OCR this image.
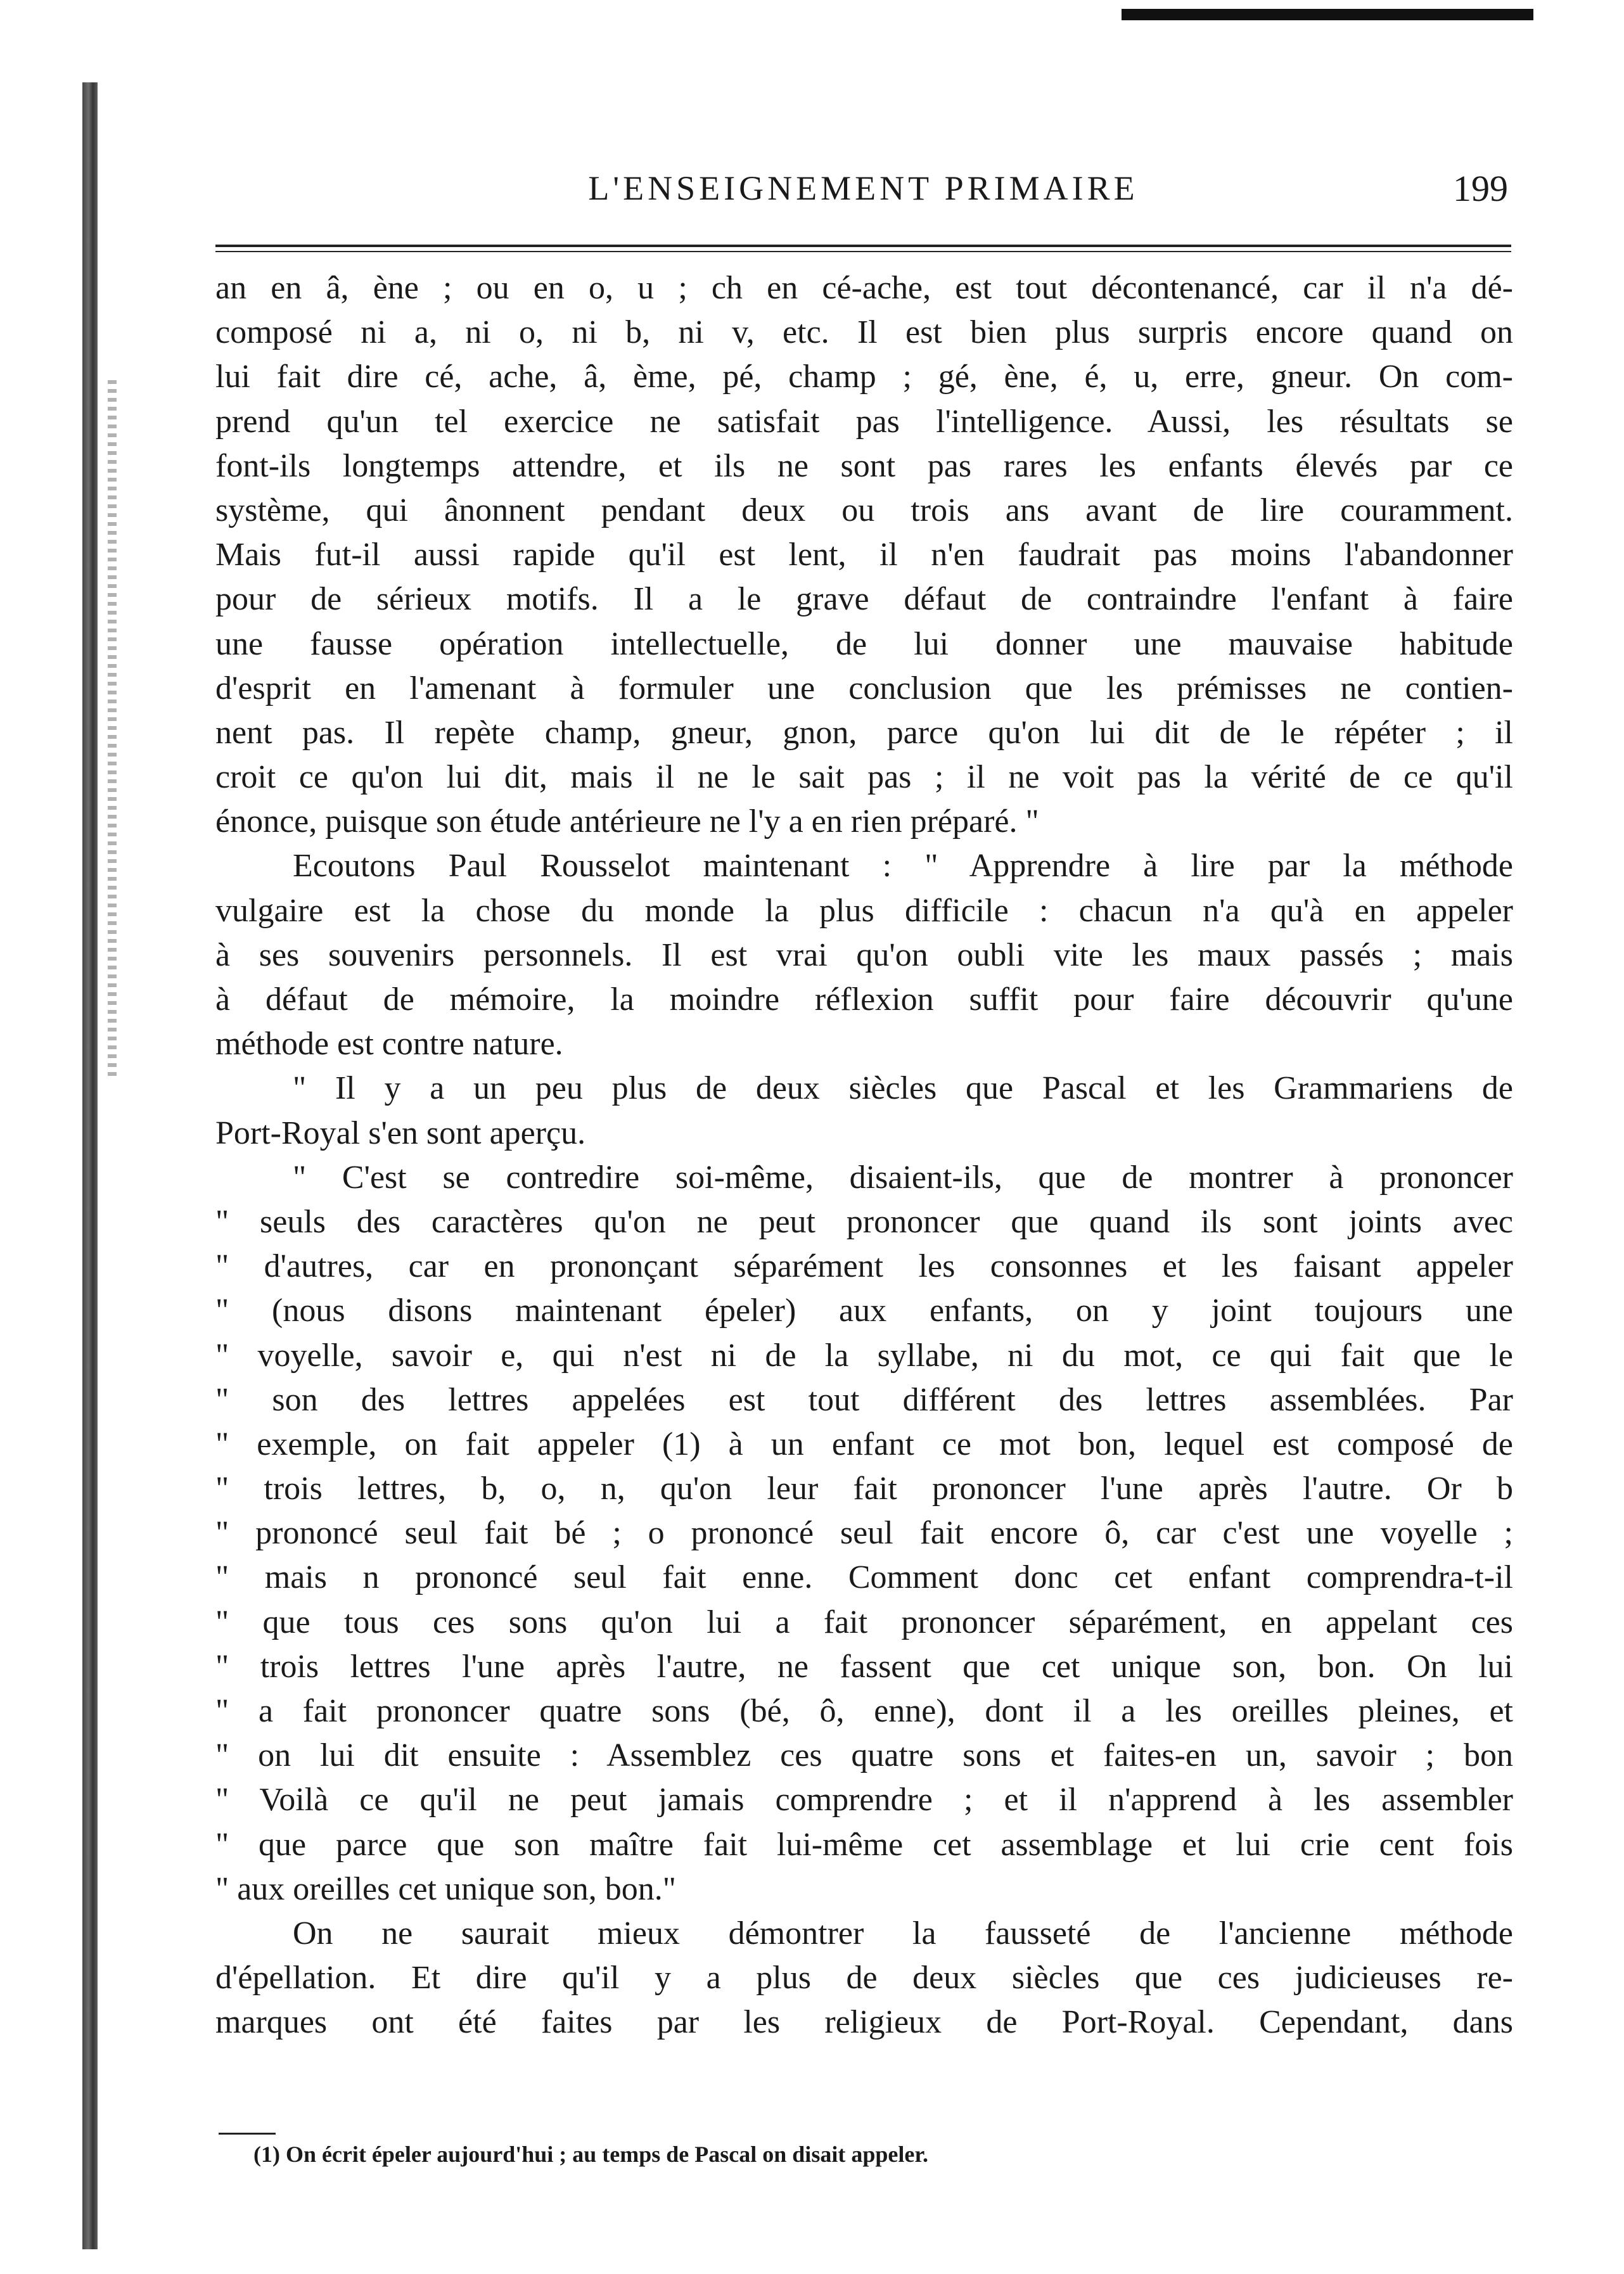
L'ENSEIGNEMENT PRIMAIRE	199
an en â, ène ; ou en o, u ; ch en cé-ache, est tout décontenancé, car il n'a dé-
composé ni a, ni o, ni b, ni v, etc. Il est bien plus surpris encore quand on
lui fait dire cé, ache, â, ème, pé, champ ; gé, ène, é, u, erre, gneur. On com-
prend qu'un tel exercice ne satisfait pas l'intelligence. Aussi, les résultats se
font-ils longtemps attendre, et ils ne sont pas rares les enfants élevés par ce
système, qui ânonnent pendant deux ou trois ans avant de lire couramment.
Mais fut-il aussi rapide qu'il est lent, il n'en faudrait pas moins l'abandonner
pour de sérieux motifs. Il a le grave défaut de contraindre l'enfant à faire
une fausse opération intellectuelle, de lui donner une mauvaise habitude
d'esprit en l'amenant à formuler une conclusion que les prémisses ne contien-
nent pas. Il repète champ, gneur, gnon, parce qu'on lui dit de le répéter ; il
croit ce qu'on lui dit, mais il ne le sait pas ; il ne voit pas la vérité de ce qu'il
énonce, puisque son étude antérieure ne l'y a en rien préparé. "
Ecoutons Paul Rousselot maintenant : " Apprendre à lire par la méthode
vulgaire est la chose du monde la plus difficile : chacun n'a qu'à en appeler
à ses souvenirs personnels. Il est vrai qu'on oubli vite les maux passés ; mais
à défaut de mémoire, la moindre réflexion suffit pour faire découvrir qu'une
méthode est contre nature.
" Il y a un peu plus de deux siècles que Pascal et les Grammariens de
Port-Royal s'en sont aperçu.
" C'est se contredire soi-même, disaient-ils, que de montrer à prononcer
" seuls des caractères qu'on ne peut prononcer que quand ils sont joints avec
" d'autres, car en prononçant séparément les consonnes et les faisant appeler
" (nous disons maintenant épeler) aux enfants, on y joint toujours une
" voyelle, savoir e, qui n'est ni de la syllabe, ni du mot, ce qui fait que le
" son des lettres appelées est tout différent des lettres assemblées. Par
" exemple, on fait appeler (1) à un enfant ce mot bon, lequel est composé de
" trois lettres, b, o, n, qu'on leur fait prononcer l'une après l'autre. Or b
" prononcé seul fait bé ; o prononcé seul fait encore ô, car c'est une voyelle ;
" mais n prononcé seul fait enne. Comment donc cet enfant comprendra-t-il
" que tous ces sons qu'on lui a fait prononcer séparément, en appelant ces
" trois lettres l'une après l'autre, ne fassent que cet unique son, bon. On lui
" a fait prononcer quatre sons (bé, ô, enne), dont il a les oreilles pleines, et
" on lui dit ensuite : Assemblez ces quatre sons et faites-en un, savoir ; bon
" Voilà ce qu'il ne peut jamais comprendre ; et il n'apprend à les assembler
" que parce que son maître fait lui-même cet assemblage et lui crie cent fois
" aux oreilles cet unique son, bon."
On ne saurait mieux démontrer la fausseté de l'ancienne méthode
d'épellation. Et dire qu'il y a plus de deux siècles que ces judicieuses re-
marques ont été faites par les religieux de Port-Royal. Cependant, dans
(1) On écrit épeler aujourd'hui ; au temps de Pascal on disait appeler.
